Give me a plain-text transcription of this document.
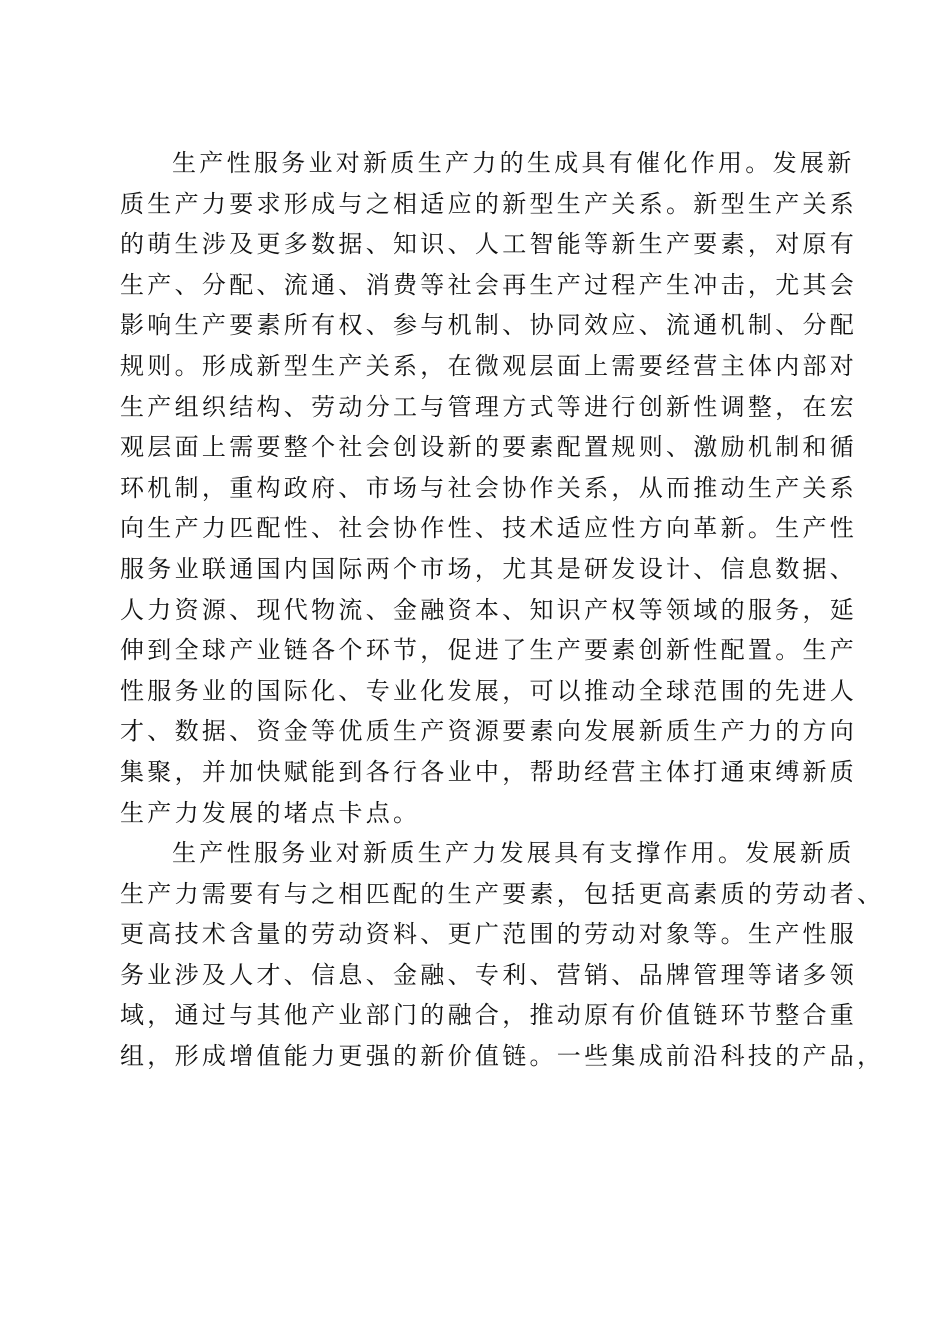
生产性服务业对新质生产力的生成具有催化作用。发展新
质生产力要求形成与之相适应的新型生产关系。新型生产关系
的萌生涉及更多数据、知识、人工智能等新生产要素，对原有
生产、分配、流通、消费等社会再生产过程产生冲击，尤其会
影响生产要素所有权、参与机制、协同效应、流通机制、分配
规则。形成新型生产关系，在微观层面上需要经营主体内部对
生产组织结构、劳动分工与管理方式等进行创新性调整，在宏
观层面上需要整个社会创设新的要素配置规则、激励机制和循
环机制，重构政府、市场与社会协作关系，从而推动生产关系
向生产力匹配性、社会协作性、技术适应性方向革新。生产性
服务业联通国内国际两个市场，尤其是研发设计、信息数据、
人力资源、现代物流、金融资本、知识产权等领域的服务，延
伸到全球产业链各个环节，促进了生产要素创新性配置。生产
性服务业的国际化、专业化发展，可以推动全球范围的先进人
才、数据、资金等优质生产资源要素向发展新质生产力的方向
集聚，并加快赋能到各行各业中，帮助经营主体打通束缚新质
生产力发展的堵点卡点。
生产性服务业对新质生产力发展具有支撑作用。发展新质
生产力需要有与之相匹配的生产要素，包括更高素质的劳动者、
更高技术含量的劳动资料、更广范围的劳动对象等。生产性服
务业涉及人才、信息、金融、专利、营销、品牌管理等诸多领
域，通过与其他产业部门的融合，推动原有价值链环节整合重
组，形成增值能力更强的新价值链。一些集成前沿科技的产品，
